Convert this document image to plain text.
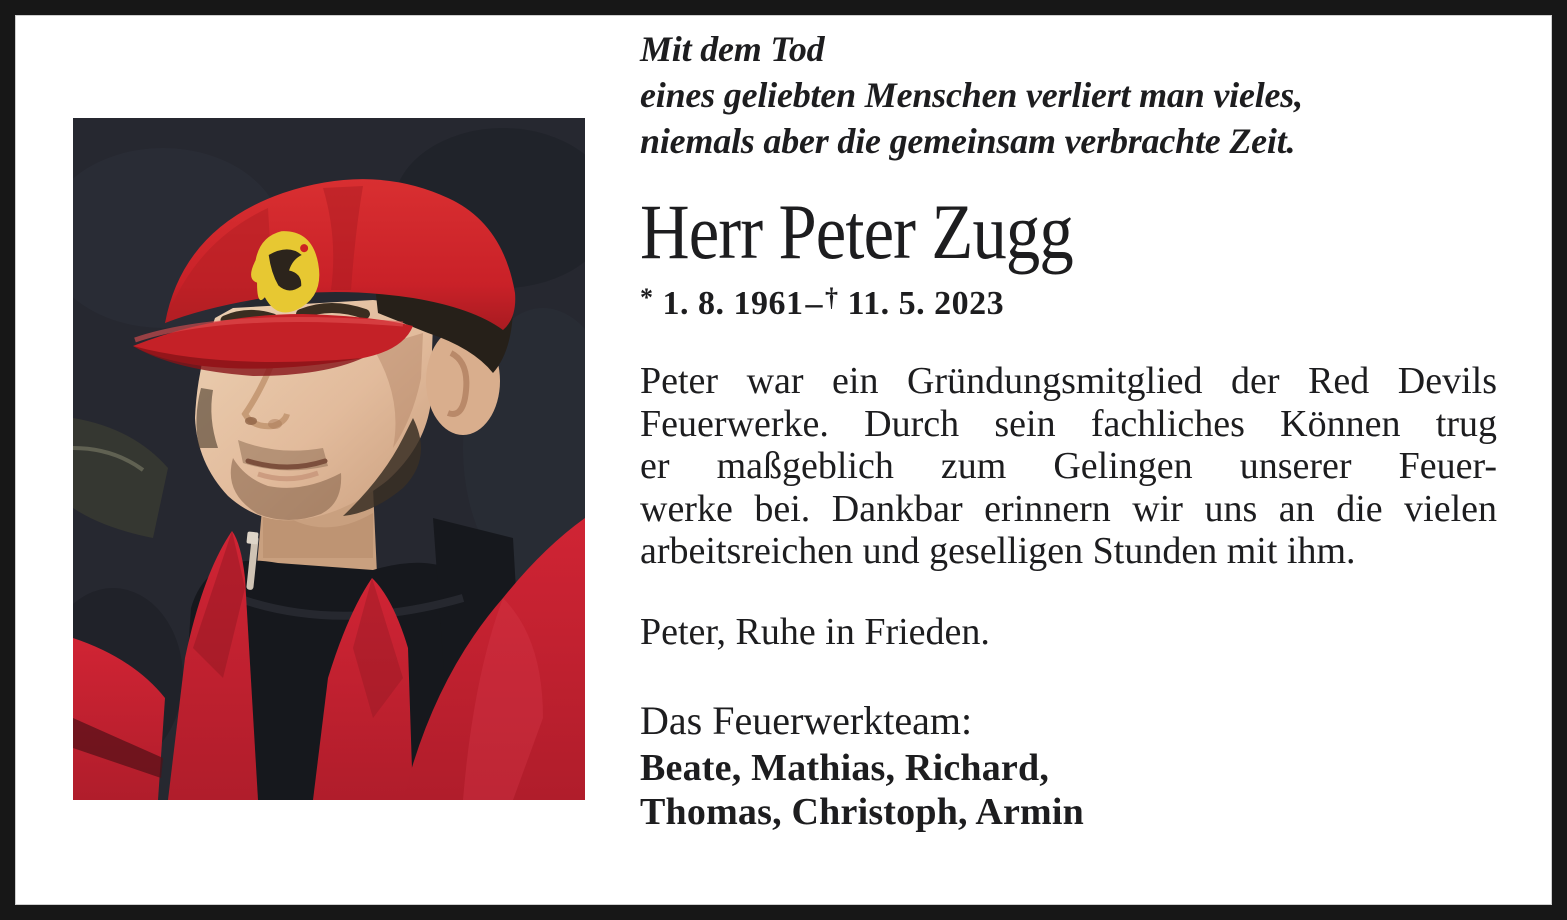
Mit dem Tod
eines geliebten Menschen verliert man vieles,
niemals aber die gemeinsam verbrachte Zeit.
Herr Peter Zugg
* 1. 8. 1961–† 11. 5. 2023
Peter war ein Gründungsmitglied der Red Devils
Feuerwerke. Durch sein fachliches Können trug
er maßgeblich zum Gelingen unserer Feuer-
werke bei. Dankbar erinnern wir uns an die vielen
arbeitsreichen und geselligen Stunden mit ihm.
Peter, Ruhe in Frieden.
Das Feuerwerkteam:
Beate, Mathias, Richard,
Thomas, Christoph, Armin
